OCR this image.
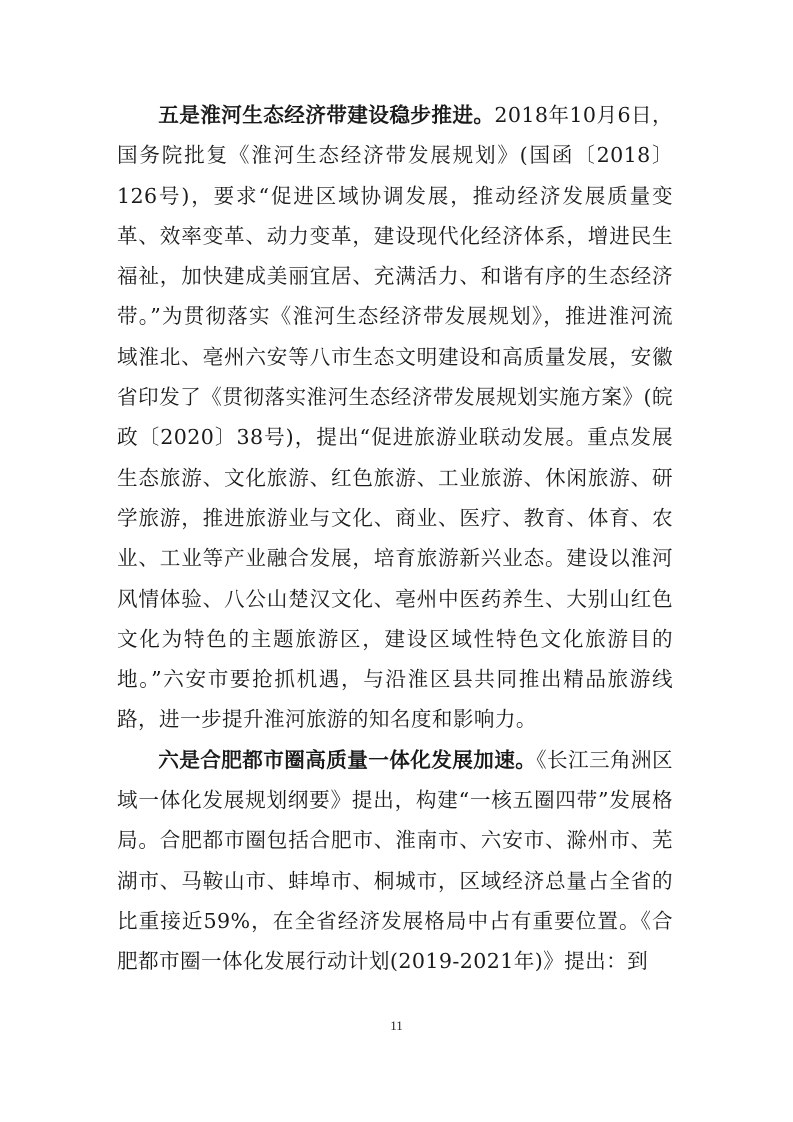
五是淮河生态经济带建设稳步推进。2018年10月6日，国务院批复《淮河生态经济带发展规划》(国函〔2018〕126号)，要求“促进区域协调发展，推动经济发展质量变革、效率变革、动力变革，建设现代化经济体系，增进民生福祉，加快建成美丽宜居、充满活力、和谐有序的生态经济带。”为贯彻落实《淮河生态经济带发展规划》，推进淮河流域淮北、亳州六安等八市生态文明建设和高质量发展，安徽省印发了《贯彻落实淮河生态经济带发展规划实施方案》(皖政〔2020〕38号)，提出“促进旅游业联动发展。重点发展生态旅游、文化旅游、红色旅游、工业旅游、休闲旅游、研学旅游，推进旅游业与文化、商业、医疗、教育、体育、农业、工业等产业融合发展，培育旅游新兴业态。建设以淮河风情体验、八公山楚汉文化、亳州中医药养生、大别山红色文化为特色的主题旅游区，建设区域性特色文化旅游目的地。”六安市要抢抓机遇，与沿淮区县共同推出精品旅游线路，进一步提升淮河旅游的知名度和影响力。

六是合肥都市圈高质量一体化发展加速。《长江三角洲区域一体化发展规划纲要》提出，构建“一核五圈四带”发展格局。合肥都市圈包括合肥市、淮南市、六安市、滁州市、芜湖市、马鞍山市、蚌埠市、桐城市，区域经济总量占全省的比重接近59%，在全省经济发展格局中占有重要位置。《合肥都市圈一体化发展行动计划(2019-2021年)》提出：到

11
